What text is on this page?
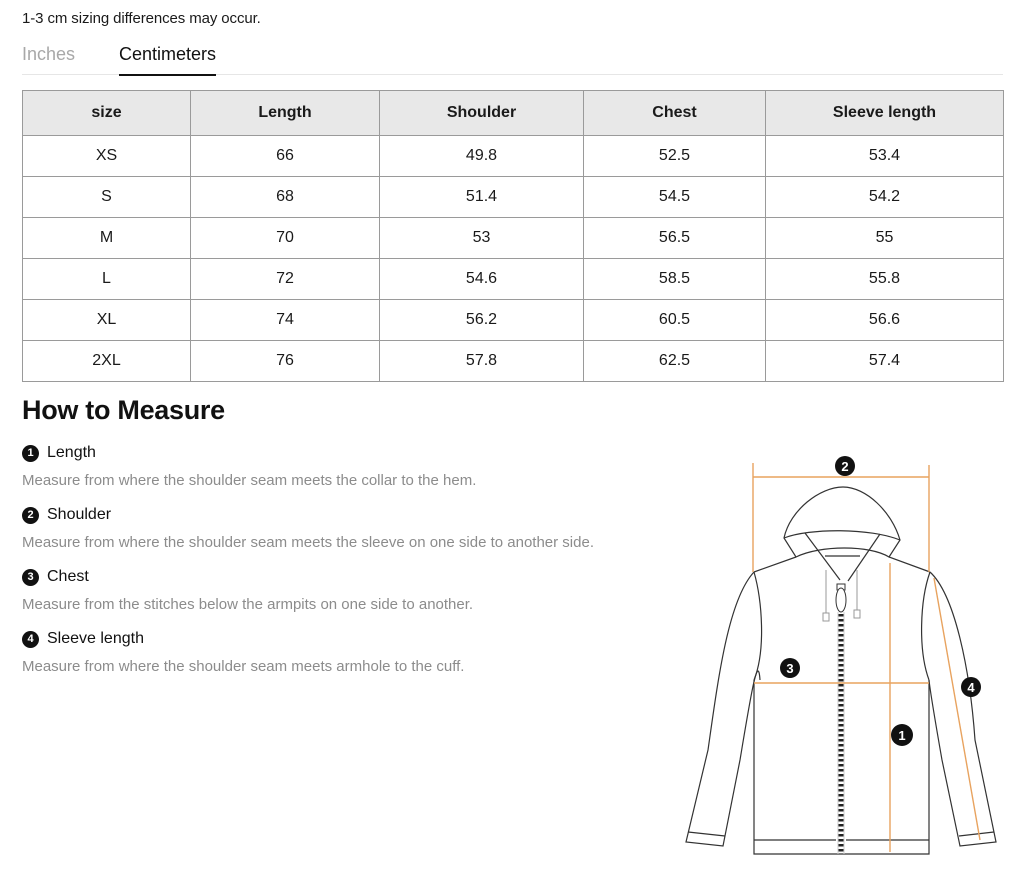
1-3 cm sizing differences may occur.
Inches Centimeters
size	Length	Shoulder	Chest	Sleeve length
XS	66	49.8	52.5	53.4
S	68	51.4	54.5	54.2
M	70	53	56.5	55
L	72	54.6	58.5	55.8
XL	74	56.2	60.5	56.6
2XL	76	57.8	62.5	57.4
How to Measure
1 Length
Measure from where the shoulder seam meets the collar to the hem.
2 Shoulder
Measure from where the shoulder seam meets the sleeve on one side to another side.
3 Chest
Measure from the stitches below the armpits on one side to another.
4 Sleeve length
Measure from where the shoulder seam meets armhole to the cuff.
2
3
1
4
